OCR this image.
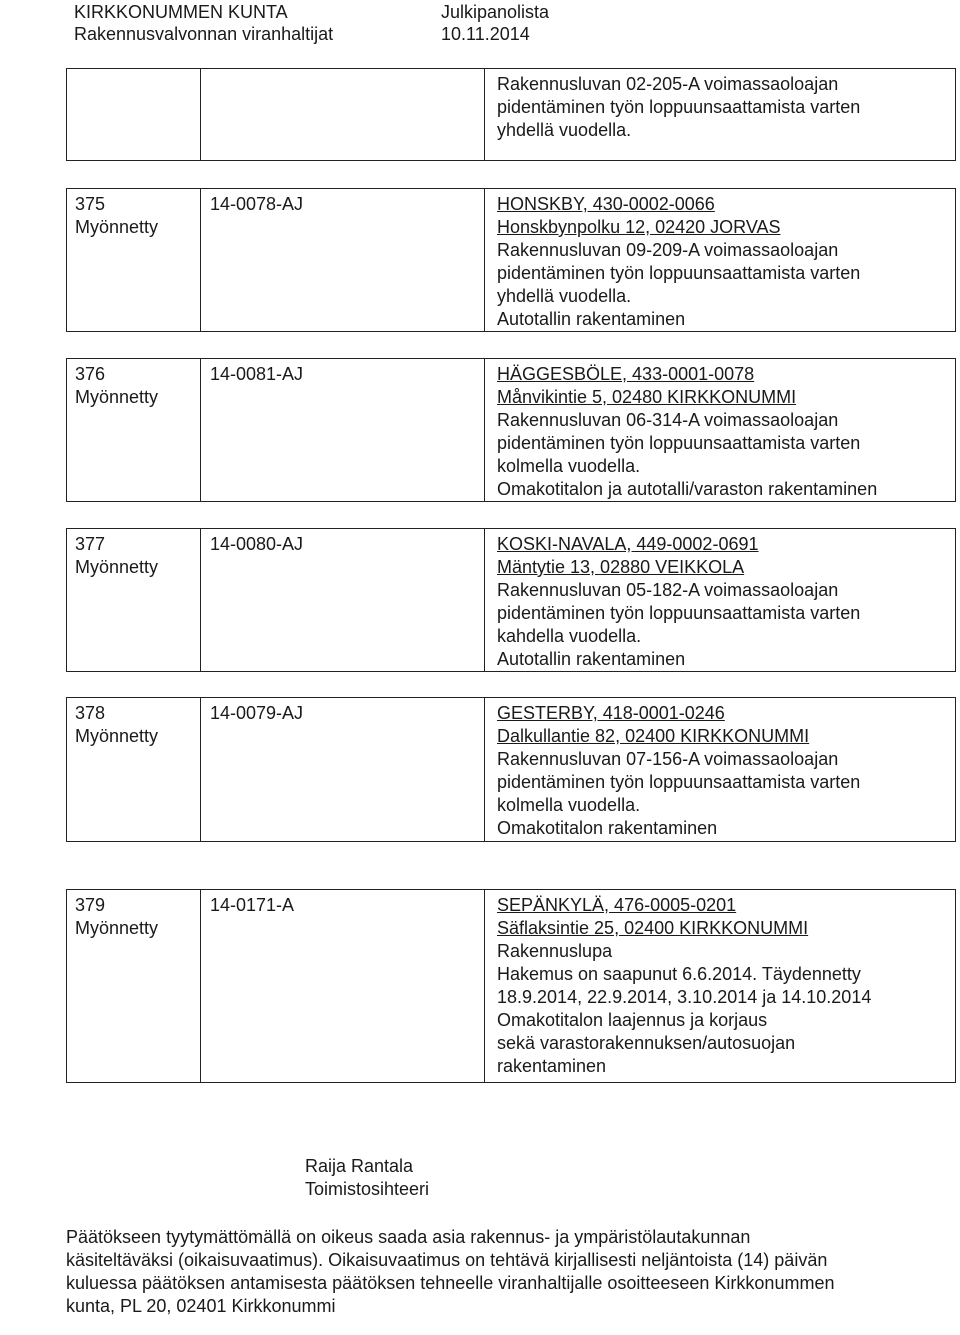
KIRKKONUMMEN KUNTA
Rakennusvalvonnan viranhaltijat
Julkipanolista
10.11.2014
Rakennusluvan 02-205-A voimassaoloajan
pidentäminen työn loppuunsaattamista varten
yhdellä vuodella.
375
Myönnetty
14-0078-AJ	HONSKBY, 430-0002-0066
Honskbynpolku 12, 02420 JORVAS
Rakennusluvan 09-209-A voimassaoloajan
pidentäminen työn loppuunsaattamista varten
yhdellä vuodella.
Autotallin rakentaminen
376
Myönnetty
14-0081-AJ	HÄGGESBÖLE, 433-0001-0078
Månvikintie 5, 02480 KIRKKONUMMI
Rakennusluvan 06-314-A voimassaoloajan
pidentäminen työn loppuunsaattamista varten
kolmella vuodella.
Omakotitalon ja autotalli/varaston rakentaminen
377
Myönnetty
14-0080-AJ	KOSKI-NAVALA, 449-0002-0691
Mäntytie 13, 02880 VEIKKOLA
Rakennusluvan 05-182-A voimassaoloajan
pidentäminen työn loppuunsaattamista varten
kahdella vuodella.
Autotallin rakentaminen
378
Myönnetty
14-0079-AJ	GESTERBY, 418-0001-0246
Dalkullantie 82, 02400 KIRKKONUMMI
Rakennusluvan 07-156-A voimassaoloajan
pidentäminen työn loppuunsaattamista varten
kolmella vuodella.
Omakotitalon rakentaminen
379
Myönnetty
14-0171-A	SEPÄNKYLÄ, 476-0005-0201
Säflaksintie 25, 02400 KIRKKONUMMI
Rakennuslupa
Hakemus on saapunut 6.6.2014. Täydennetty
18.9.2014, 22.9.2014, 3.10.2014 ja 14.10.2014
Omakotitalon laajennus ja korjaus
sekä varastorakennuksen/autosuojan
rakentaminen
Raija Rantala
Toimistosihteeri
Päätökseen tyytymättömällä on oikeus saada asia rakennus- ja ympäristölautakunnan
käsiteltäväksi (oikaisuvaatimus). Oikaisuvaatimus on tehtävä kirjallisesti neljäntoista (14) päivän
kuluessa päätöksen antamisesta päätöksen tehneelle viranhaltijalle osoitteeseen Kirkkonummen
kunta, PL 20, 02401 Kirkkonummi
